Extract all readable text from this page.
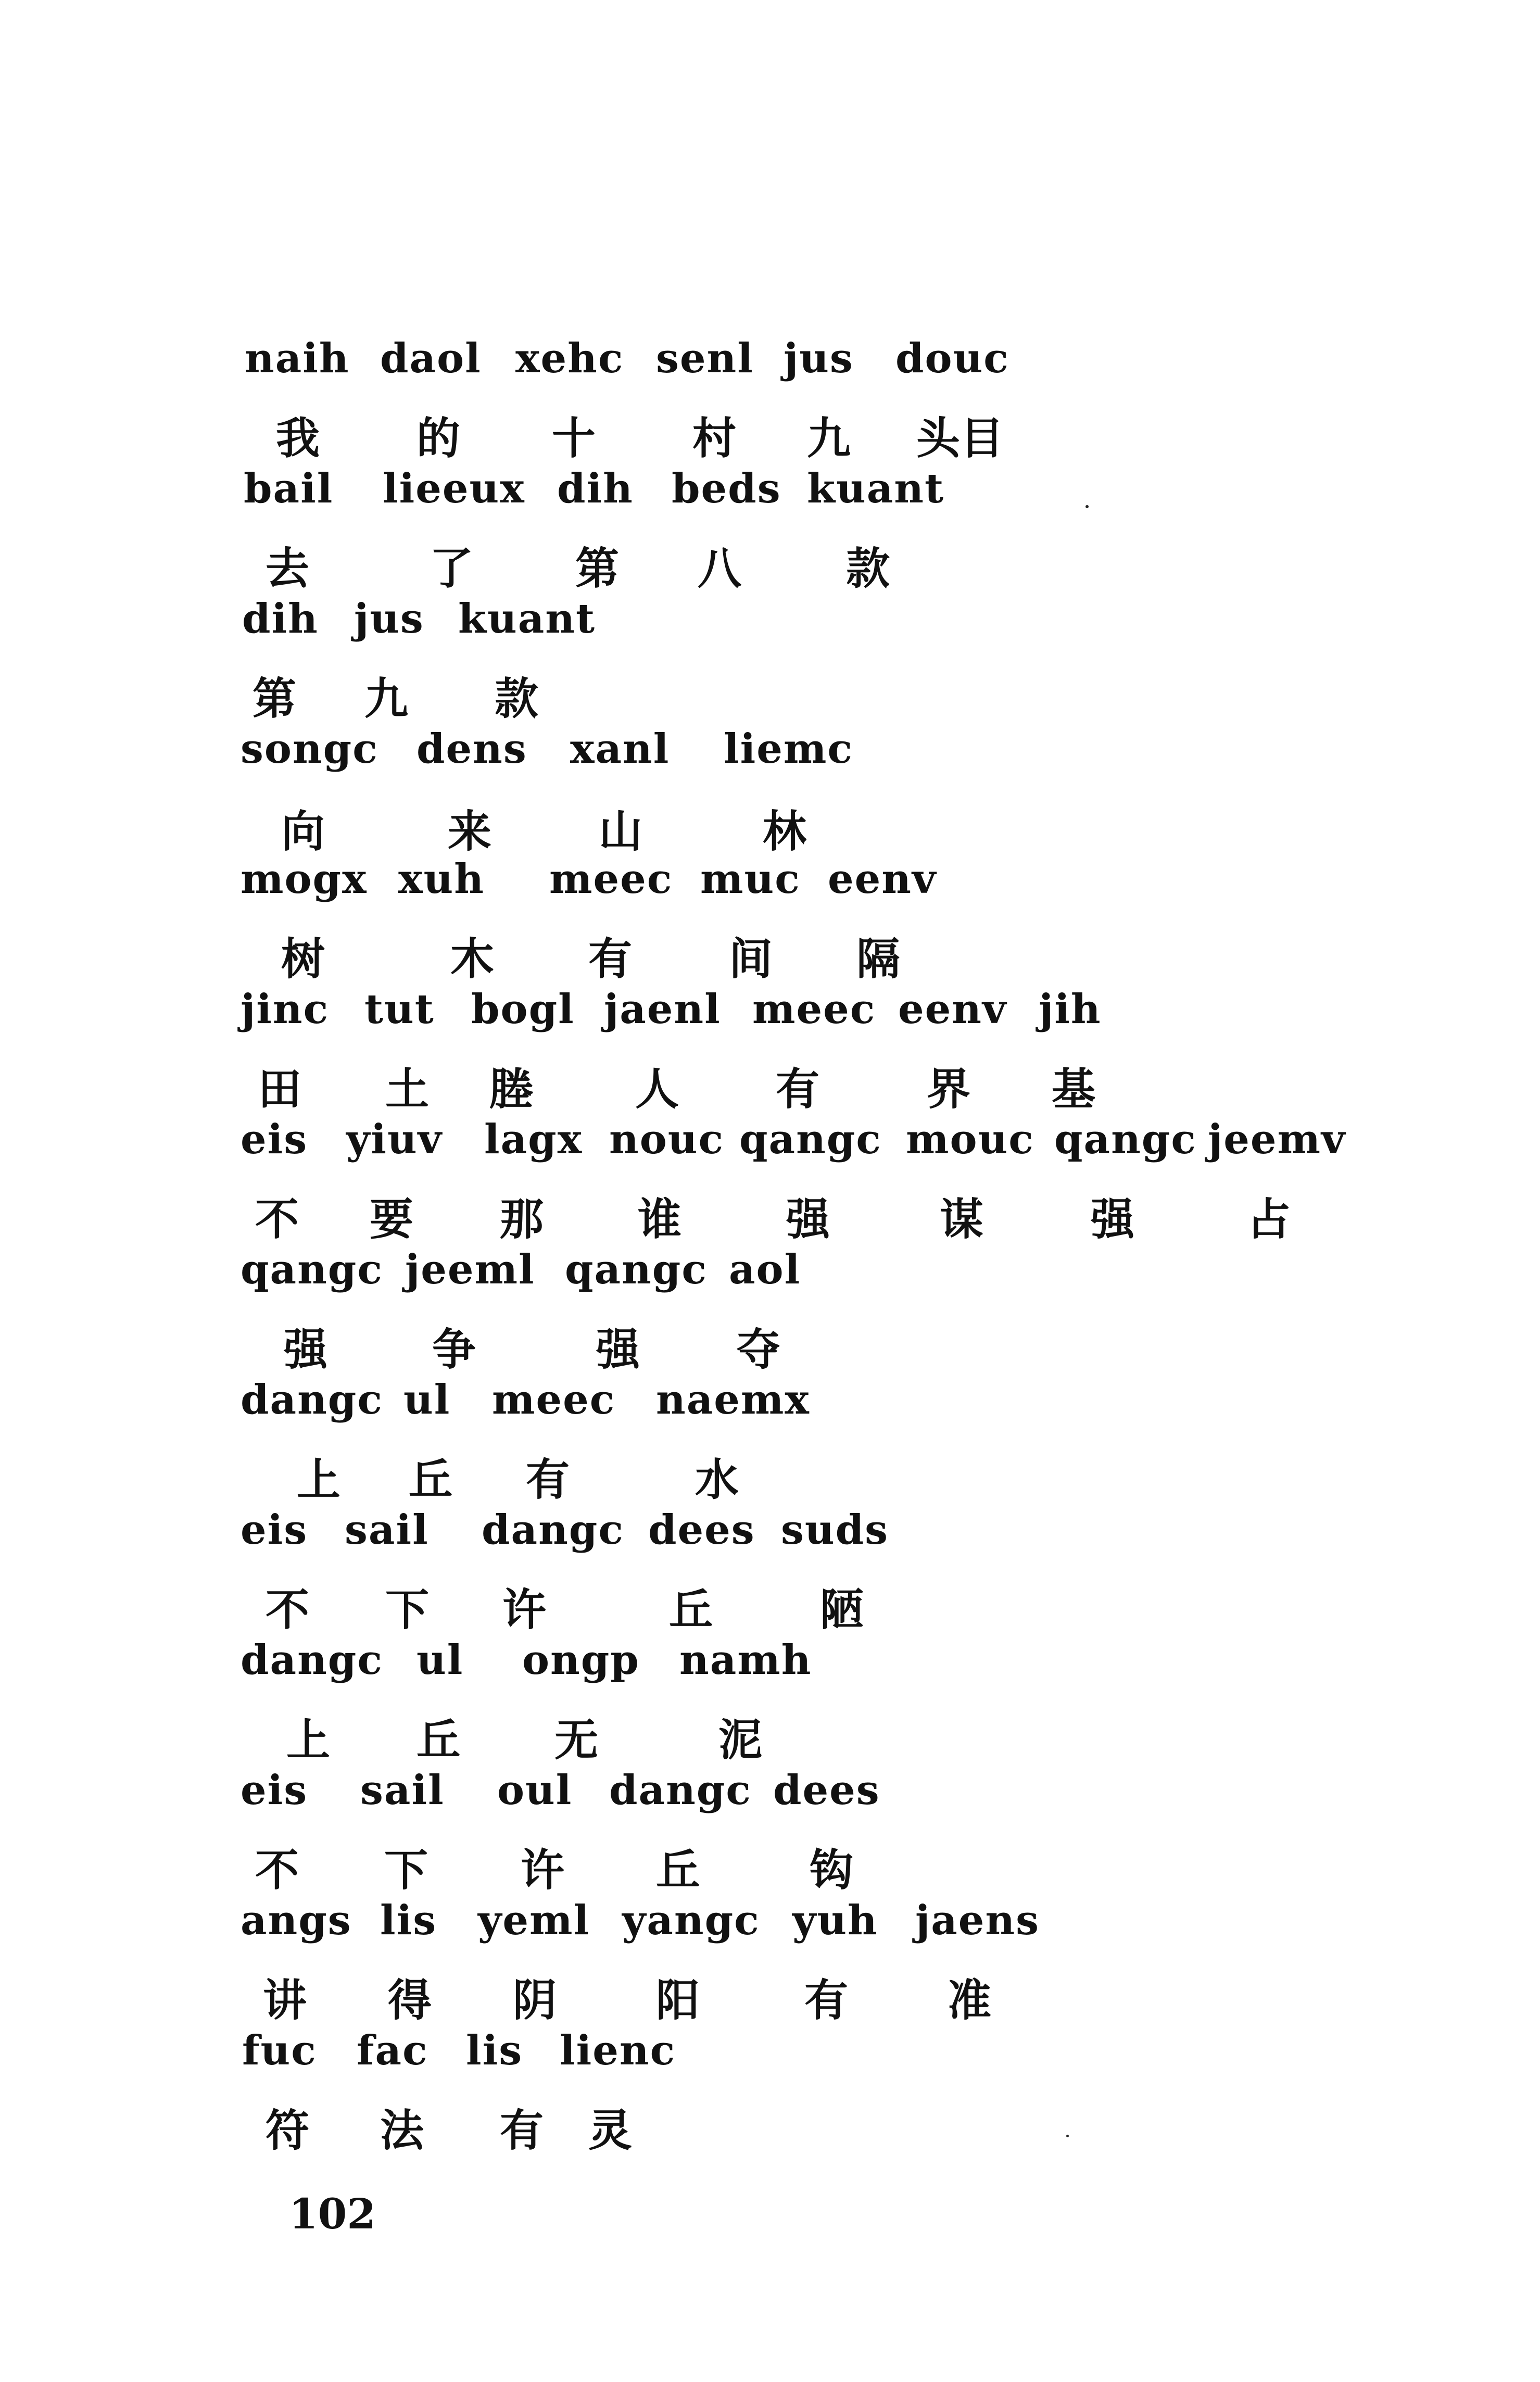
naih daol xehc senl jus douc
我 的 十 村 九 头目
bail lieeux dih beds kuant
去	了 第 八 款
dih jus kuant
第 九 款
songc dens xanl liemc
向	来 山	林
mogx xuh meec muc eenv
树	木 有 间 隔
jinc tut bogl jaenl meec eenv jih
田 土 塍 人 有 界 基
eis yiuv lagx nouc qangc mouc qangc jeemv
不 要 那 谁 强	谋 强	占
qangc jeeml qangc aol
强 争	强 夺
dangc ul meec naemx
上 丘 有	水
eis sail dangc dees suds
不 下 许	丘 陋
dangc ul ongp namh
上 丘 无	泥
eis sail oul dangc dees
不 下 许 丘	钩
angs lis yeml yangc yuh jaens
讲 得 阴 阳 有 准
fuc fac lis lienc
符 法 有 灵
102
